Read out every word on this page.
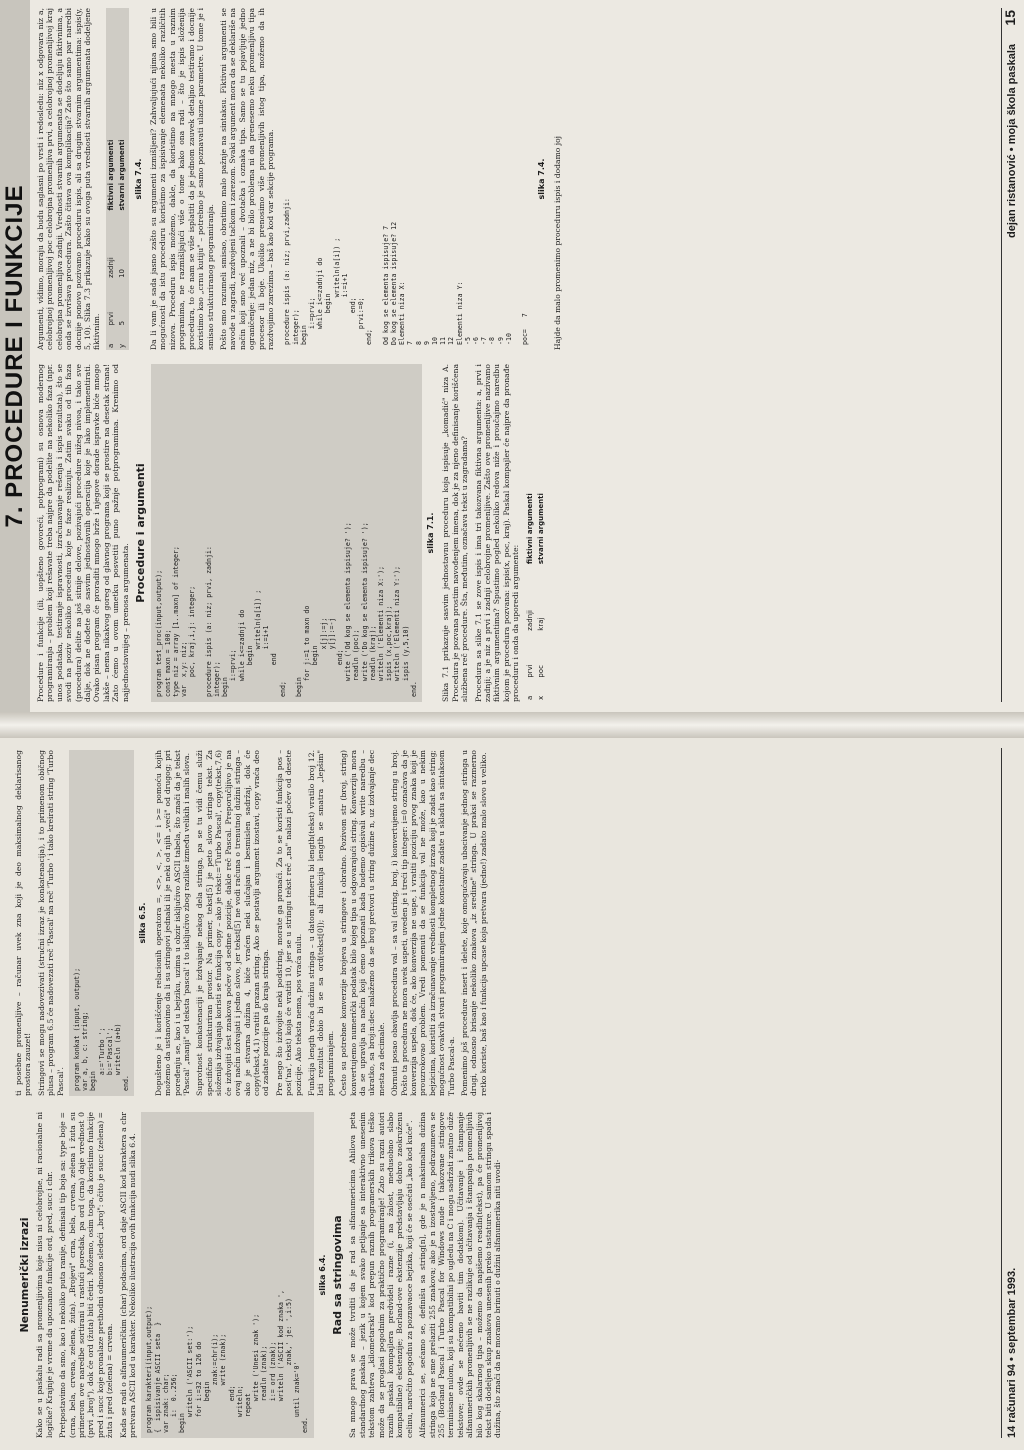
Nenumerički izrazi Kako se u paskalu radi sa promenljivima koje nisu ni celobrojne, ni racionalne ni logičke? Krajnje je vreme da upoznamo funkcije ord, pred, succ i chr. Pretpostavimo da smo, kao i nekoliko puta ranije, definisali tip boja sa: type boje = (crna, bela, crvena, zelena, žuta). „Brojevi" crna, bela, crvena, zelena i žuta su primerom ove naredbe sortirani u rastući poredak, pa ord (crna) daje vrednost 0 (prvi „broj"), dok će ord (žuta) biti četiri. Možemo, osim toga, da koristimo funkcije pred i succ koje pronalaze prethodni odnosno sledeći „broj": očito je succ (zelena) = žuta i pred (zelena) = crvena. Kada se radi o alfanumeričkim (char) podacima, ord daje ASCII kod karaktera a chr pretvara ASCII kod u karakter. Nekoliko ilustracija ovih funkcija nudi slika 6.4.	program karakteri(input,output);
{  ispisivanje ASCII seta  }
var znak: char;
i:  0..256;
begin
writeln ('ASCII set:');
for i:=32 to 126 do
begin
znak:=chr(i);
write (znak);
end;
writeln;
repeat
write ('Unesi znak ');
readln (znak);
i:= ord (znak);
writeln ('ASCII kod znaka ',
znak,' je: ',i:5)
until znak='0'
end.
slika 6.4. Rad sa stringovima Sa mnogo prava se može tvrditi da je rad sa alfanumericima Ahilova peta standardnog paskala – jezik u kojem svako petljanje sa interaktivno unesenim tekstom zahteva „kilometarski" kod prepun raznih programerskih trikova teško može da se proglasi pogodnim za praktično programiranje! Zato su razni autori raznih paskal kompajlera predvideli razne (i, na žalost, međusobno slabo kompatibilne) ekstenzije; Borland-ove ekstenzije predstavljaju dobro zaokruženu celinu, naročito pogodnu za poznavaoce bejzika, koji će se osećati „kao kod kuće". Alfanumerici se, sećamo se, definišu sa string[n], gde je n maksimalna dužina stringa koja ne sme prelaziti 255 znakova; ako je n izostavljeno, podrazumeva se 255 (Borland Pascal i Turbo Pascal for Windows nude i takozvane stringove terminisane nulom, koji su kompatibilni po ugledu na C i mogu sadržati znatno duže tekstove; ovde se nećemo baviti tim dodatkom). Učitavanje i štampanje alfanumeričkih promenljivih se ne razlikuje od učitavanja i štampanja promenljivih bilo kog skalarnog tipa – možemo da napišemo readln(tekst), pa će promenljivoj tekst biti dodeljen skup znakova unesenih preko tastature. U samom stringu spada i dužina, što znači da ne moramo brinuti o dužini alfanumerika niti uvodi-

ti posebne promenljive – računar uvek zna koji je deo maksimalnog deklarisanog prostora zauzet! Stringovi se mogu nadovezivati (stručni izraz je konkatenacija), i to primenom običnog plusa – program 6.5 će nadovezati reč 'Pascal' na reč 'Turbo ' i tako kreirati string 'Turbo Pascal'.	program konkat (input, output);
var a, b, c: string;
begin
a:='Turbo ';
b:='Pascal';
writeln (a+b)
end.
slika 6.5. Dopušteno je i korišćenje relacionih operatora =, <>, <, >, <= i >= pomoću kojih možemo da ustanovimo da li su stringovi jednaki ili je neki od njih „veći" od drugog; pri poređenju se, kao i u bejziku, uzima u obzir isključivo ASCII tabela, što znači da je tekst 'Pascal' „manji" od teksta 'pascal' i to isključivo zbog razlike između velikih i malih slova. Suprotnost konkatenaciji je izdvajanje nekog dela stringa, pa se tu vidi čemu služi specifično strukturiran prostor. Na primer, tekst[5] je peto slovo stringa tekst. Za složenija izdvajanja koristi se funkcija copy – ako je tekst:='Turbo Pascal', copy(tekst,7,6) će izdvojiti šest znakova počev od sedme pozicije, dakle reč Pascal. Preporučljivo je na ovaj način izdvajati i jedno slovo, jer tekst[5] ne vodi računa o trenutnoj dužini stringa – ako je stvarna dužina 4, biće vraćen neki slučajan i besmislen sadržaj, dok će copy(tekst,4,1) vratiti prazan string. Ako se postavlji argument izostavi, copy vraća deo od zadate pozicije pa do kraja stringa. Pre nego što izdvojite neki podstring, morate ga pronaći. Za to se koristi funkcija pos – pos('na', tekst) koja će vratiti 10, jer se u stringu tekst reč „na" nalazi počev od desete pozicije. Ako teksta nema, pos vraća nulu. Funkcija length vraća dužinu stringa – u datom primeru bi length(tekst) vratilo broj 12. Isti rezultat dobio bi se sa ord(tekst[0]); ali funkcija length se smatra „lepšim" programiranjem. Često su potrebne konverzije brojeva u stringove i obratno. Pozivom str (broj, string) konvertujemo numerički podatak bilo kojeg tipa u odgovarajući string. Konverziju mora da se upravlja na način koji ćemo upoznati kada budemo opisivali write naredbu – ukratko, sa broj:n:dec nalažemo da se broj pretvori u string dužine n, uz izdvajanje dec mesta za decimale. Obrnuti posao obavlja procedura val – sa val (string, broj, i) konvertujemo string u broj. Pošto ta procedura ne mora uvek uspeti, uveden je i treći tip integer: i=0 označava da je konverzija uspela, dok će, ako konverzija ne uspe, i vratiti poziciju prvog znaka koji je prouzrokovao problem. Vredi pomenuti da se funkcija val ne može, kao u nekim bejzicima, koristiti za izračunavanje vrednosti kompletnog izraza koji je zadat kao string; mogućnost ovakvih stvari programiranjem jedne konstante zadate u skladu sa sintaksom Turbo Pascal-a. Pomenimo još procedure insert i delete, koje omogućavaju ubacivanje jednog stringa u drugi, odnosno brisanje nekoliko znakova „iz sredine" stringa. U praksi se razmerno retko koriste, baš kao i funkcija upcase koja pretvara (jedno!) zadato malo slovo u veliko.

14 računari 94 • septembar 1993.
7. PROCEDURE I FUNKCIJE

Procedure i funkcije (ili, uopšteno govoreći, potprogrami) su osnova modernog programiranja – problem koji rešavate treba najpre da podelite na nekoliko faza (npr. unos podataka, testiranje ispravnosti, izračunavanje rešenja i ispis rezultata), što se svodi na poziv nekoliko procedura koje te faze realizuju. Zatim svaku od tih faza (procedura) delite na još sitnije delove, pozivajući procedure nižeg nivoa, i tako sve dalje, dok ne dođete do sasvim jednostavnih operacija koje je lako implementirati. Ovako pisan program će proraditi mnogo brže i njegove dorade ispravke biće mnogo lakše – nema nikakvog goreg od glavnog programa koji se prostire na desetak strana! Zato ćemo u ovom umetku posvetiti puno pažnje potprogramima. Krenimo od najjednostavnijeg – prenosa argumenata.

Procedure i argumenti
program test_proc(input,output);
const maxn = 100;
type niz = array [1..maxn] of integer;
var  x,y: niz;
poc, kraj,i,j: integer;

procedure ispis (a: niz; prvi, zadnji:
integer);
begin
i:=prvi;
while i<=zadnji do
begin
writeln(a[i]) ;
i:=i+1
end
end;

begin
for j:=1 to maxn do
begin
x[j]:=j;
y[j]:=-j
end;
write ('Od kog se elementa ispisuje? ');
readln (poc);
write ('Do kog se elementa ispisuje? ');
readln (kraj);
writeln ('Elementi niza X:');
ispis (x,poc,kraj);
writeln ('Elementi niza Y:');
ispis (y,5,10)
end.
slika 7.1. Slika 7.1 prikazuje sasvim jednostavnu proceduru koja ispisuje „komadić" niza A. Procedura je pozvana prostim navođenjem imena, dok je za njeno definisanje korišćena službena reč procedure. Šta, međutim, označava tekst u zagradama? Procedura sa slike 7.1 se zove ispis i ima tri takozvana fiktivna argumenta: a, prvi i zadnji; a je niz a prvi i zadnji celobrojne promenljive. Zašto ove promenljive nazivamo fiktivnim argumentima? Spustimo pogled nekoliko redova niže i proučajmo naredbu kojom je procedura pozvana: ispis(x, poc, kraj). Paskal kompajler će najpre da pronađe proceduru i onda da uporedi argumente: a	prvi	zadnji	fiktivni argumenti
x	poc	kraj	stvarni argumenti

Argumenti, vidimo, moraju da budu saglasni po vrsti i redosledu: niz x odgovara niz a, celobrojnoj promenljivoj poc celobrojna promenljiva prvi, a celobrojnoj promenljivoj kraj celobrojna promenljiva zadnji. Vrednosti stvarnih argumenata se dodeljuju fiktivnima, a onda se izvršava procedura. Zašto čitava ova komplikacija? Zato što samo par naredbi docnije ponovo pozivamo proceduru ispis, ali sa drugim stvarnim argumentima: ispis(y, 5, 10). Slika 7.3 prikazuje kako su ovoga puta vrednosti stvarnih argumenata dodeljene fiktivnim. a	prvi	zadnji	fiktivni argumenti
y	5	10	stvarni argumenti slika 7.4. Da li vam je sada jasno zašto su argumenti izmišljeni? Zahvaljujući njima smo bili u mogućnosti da istu proceduru koristimo za ispisivanje elemenata nekoliko različitih nizova. Proceduru ispis možemo, dakle, da koristimo na mnogo mesta u raznim programima, ne razmišljajući više o tome kako ona radi – što je ispis složenija procedura, to će nam se više isplatiti da je jednom zauvek detaljno testiramo i docnije koristimo kao „crnu kutiju" – potrebno je samo poznavati ulazne parametre. U tome je i smisao strukturiranog programiranja. Pošto smo razumeli smisao, obratimo malo pažnje na sintaksu. Fiktivni argumenti se navode u zagradi, razdvojeni tačkom i zarezom. Svaki argument mora da se deklariše na način koji smo već upoznali – dvotačka i oznaka tipa. Samo se tu pojavljuje jedno ograničenje: jedan niz, a ne bi bilo problema ni da prenesemo neku promenljivu tipa procesor ili boje. Ukoliko prenosimo više promenljivih istog tipa, možemo da ih razdvojimo zarezima – baš kao kod var sekcije programa.	procedure ispis (a: niz; prvi,zadnji:
integer);
begin
i:=prvi;
while i<=zadnji do
begin
writeln(a[i]) ;
i:=i+1
end;
prvi:=0;
end;

Od kog se elementa ispisuje? 7
Do kog se elementa ispisuje? 12
Elementi niza X:
7
8
9
10
11
12
Elementi niza Y:
-5
-6
-7
-8
-9
-10

poc=   7
slika 7.4. Hajde da malo promenimo proceduru ispis i dodamo joj	dejan ristanović • moja škola paskala
15
